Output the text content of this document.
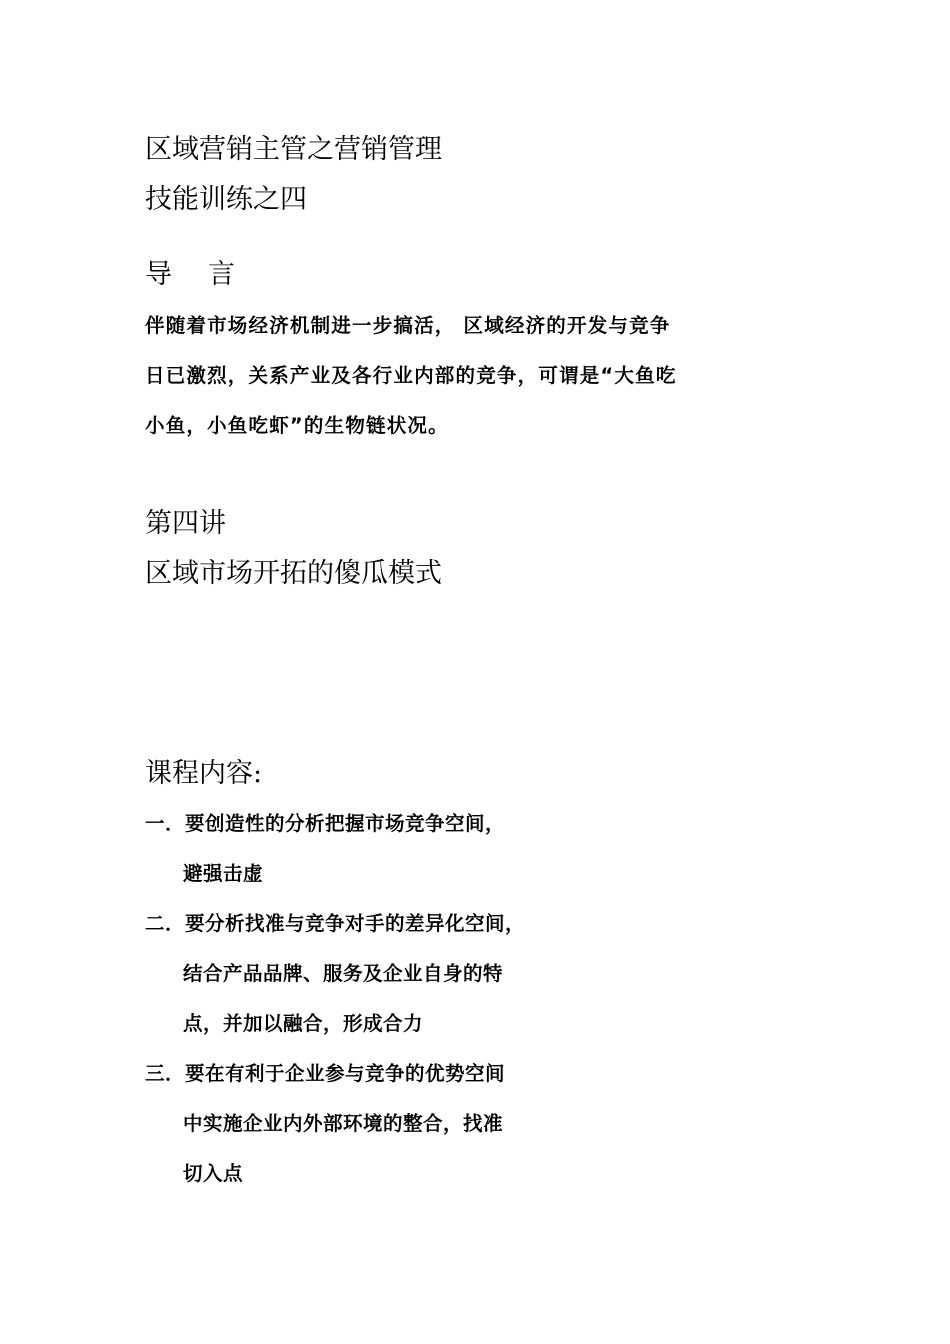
区域营销主管之营销管理
技能训练之四
导 言
伴随着市场经济机制进一步搞活， 区域经济的开发与竞争
日已激烈，关系产业及各行业内部的竞争，可谓是“大鱼吃
小鱼，小鱼吃虾”的生物链状况。
第四讲
区域市场开拓的傻瓜模式
课程内容:
一．要创造性的分析把握市场竞争空间，
避强击虚
二．要分析找准与竞争对手的差异化空间，
结合产品品牌、服务及企业自身的特
点，并加以融合，形成合力
三．要在有利于企业参与竞争的优势空间
中实施企业内外部环境的整合，找准
切入点
